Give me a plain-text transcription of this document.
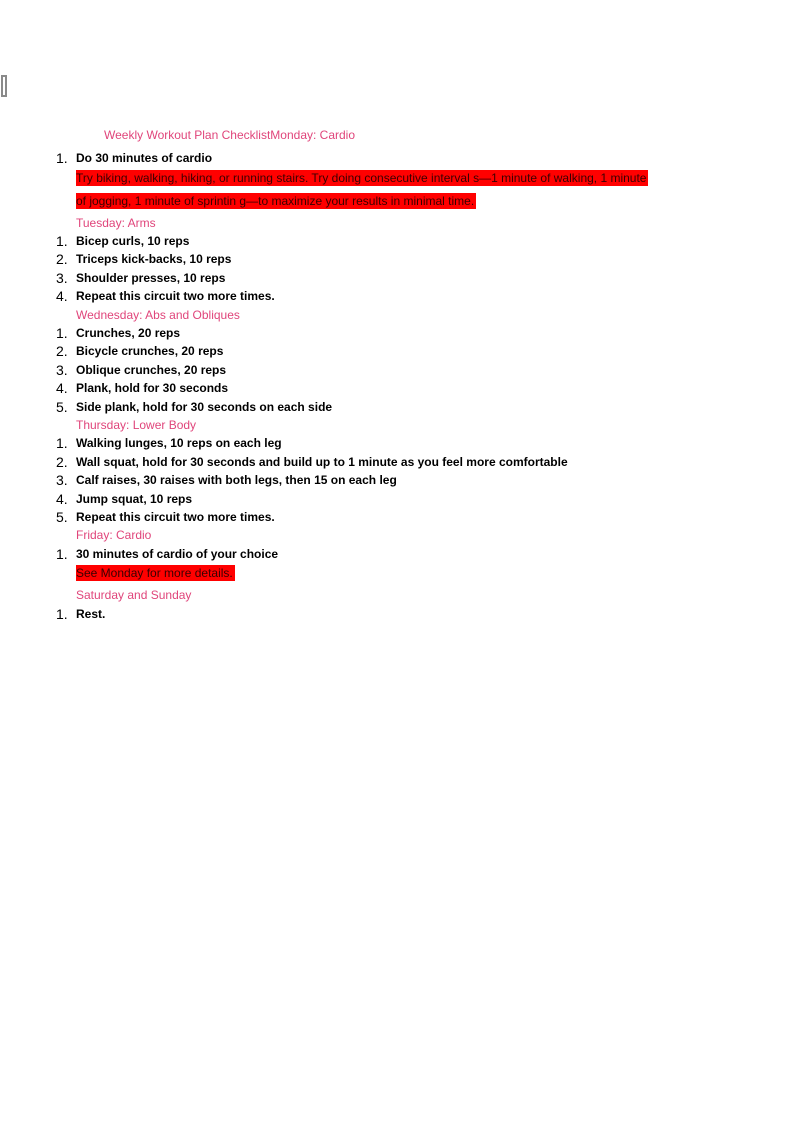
Weekly Workout Plan ChecklistMonday: Cardio
1. Do 30 minutes of cardio
Try biking, walking, hiking, or running stairs. Try doing consecutive interval s—1 minute of walking, 1 minute
of jogging, 1 minute of sprintin g—to maximize your results in minimal time.
Tuesday: Arms
1. Bicep curls, 10 reps
2. Triceps kick-backs, 10 reps
3. Shoulder presses, 10 reps
4. Repeat this circuit two more times.
Wednesday: Abs and Obliques
1. Crunches, 20 reps
2. Bicycle crunches, 20 reps
3. Oblique crunches, 20 reps
4. Plank, hold for 30 seconds
5. Side plank, hold for 30 seconds on each side
Thursday: Lower Body
1. Walking lunges, 10 reps on each leg
2. Wall squat, hold for 30 seconds and build up to 1 minute as you feel more comfortable
3. Calf raises, 30 raises with both legs, then 15 on each leg
4. Jump squat, 10 reps
5. Repeat this circuit two more times.
Friday: Cardio
1. 30 minutes of cardio of your choice
See Monday for more details.
Saturday and Sunday
1. Rest.
